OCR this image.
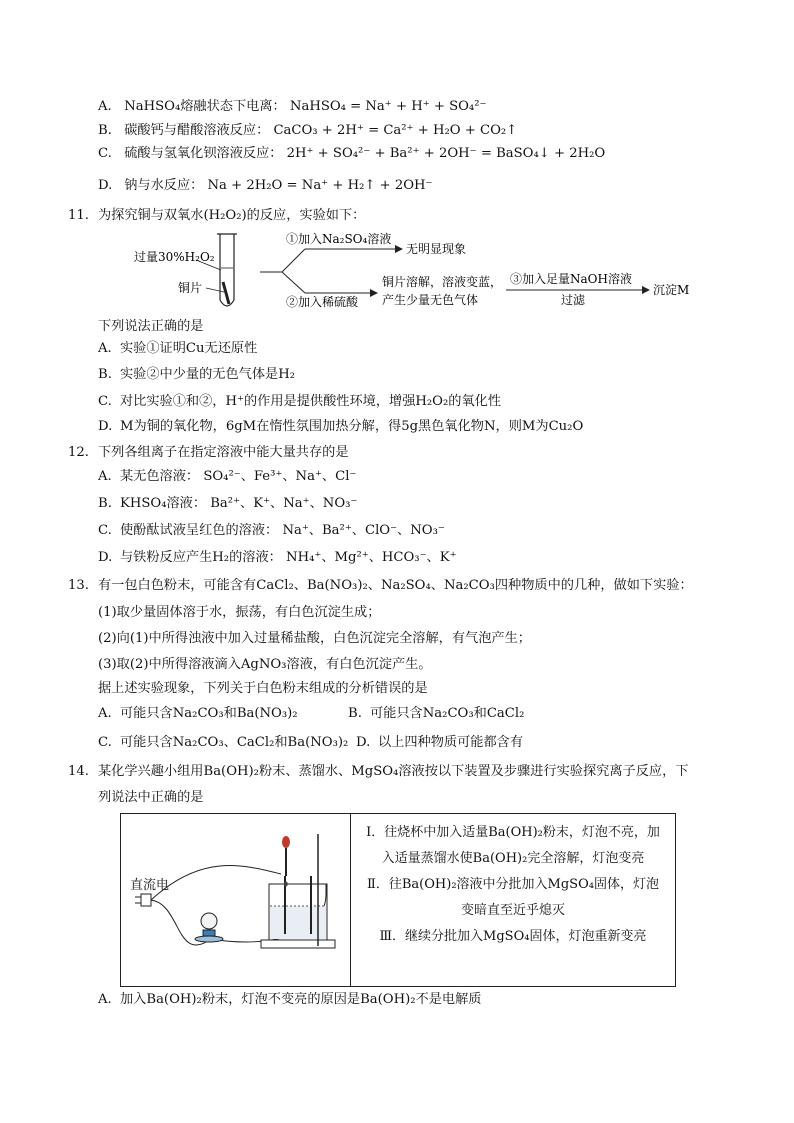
A. NaHSO₄熔融状态下电离： NaHSO₄ = Na⁺ + H⁺ + SO₄²⁻
B. 碳酸钙与醋酸溶液反应： CaCO₃ + 2H⁺ = Ca²⁺ + H₂O + CO₂↑
C. 硫酸与氢氧化钡溶液反应： 2H⁺ + SO₄²⁻ + Ba²⁺ + 2OH⁻ = BaSO₄↓ + 2H₂O
D. 钠与水反应： Na + 2H₂O = Na⁺ + H₂↑ + 2OH⁻
11. 为探究铜与双氧水(H₂O₂)的反应，实验如下：
过量30%H₂O₂
铜片
①加入Na₂SO₄溶液
无明显现象
②加入稀硫酸
铜片溶解，溶液变蓝，
产生少量无色气体
③加入足量NaOH溶液
过滤
沉淀M
下列说法正确的是
A. 实验①证明Cu无还原性
B. 实验②中少量的无色气体是H₂
C. 对比实验①和②，H⁺的作用是提供酸性环境，增强H₂O₂的氧化性
D. M为铜的氧化物，6gM在惰性氛围加热分解，得5g黑色氧化物N，则M为Cu₂O
12. 下列各组离子在指定溶液中能大量共存的是
A. 某无色溶液： SO₄²⁻、Fe³⁺、Na⁺、Cl⁻
B. KHSO₄溶液： Ba²⁺、K⁺、Na⁺、NO₃⁻
C. 使酚酞试液呈红色的溶液： Na⁺、Ba²⁺、ClO⁻、NO₃⁻
D. 与铁粉反应产生H₂的溶液： NH₄⁺、Mg²⁺、HCO₃⁻、K⁺
13. 有一包白色粉末，可能含有CaCl₂、Ba(NO₃)₂、Na₂SO₄、Na₂CO₃四种物质中的几种，做如下实验：
(1)取少量固体溶于水，振荡，有白色沉淀生成；
(2)向(1)中所得浊液中加入过量稀盐酸，白色沉淀完全溶解，有气泡产生；
(3)取(2)中所得溶液滴入AgNO₃溶液，有白色沉淀产生。
据上述实验现象，下列关于白色粉末组成的分析错误的是
A. 可能只含Na₂CO₃和Ba(NO₃)₂	B. 可能只含Na₂CO₃和CaCl₂
C. 可能只含Na₂CO₃、CaCl₂和Ba(NO₃)₂ D. 以上四种物质可能都含有
14. 某化学兴趣小组用Ba(OH)₂粉末、蒸馏水、MgSO₄溶液按以下装置及步骤进行实验探究离子反应，下
列说法中正确的是
直流电
Ⅰ．往烧杯中加入适量Ba(OH)₂粉末，灯泡不亮，加入适量蒸馏水使Ba(OH)₂完全溶解，灯泡变亮
Ⅱ．往Ba(OH)₂溶液中分批加入MgSO₄固体，灯泡变暗直至近乎熄灭
Ⅲ．继续分批加入MgSO₄固体，灯泡重新变亮
A. 加入Ba(OH)₂粉末，灯泡不变亮的原因是Ba(OH)₂不是电解质
